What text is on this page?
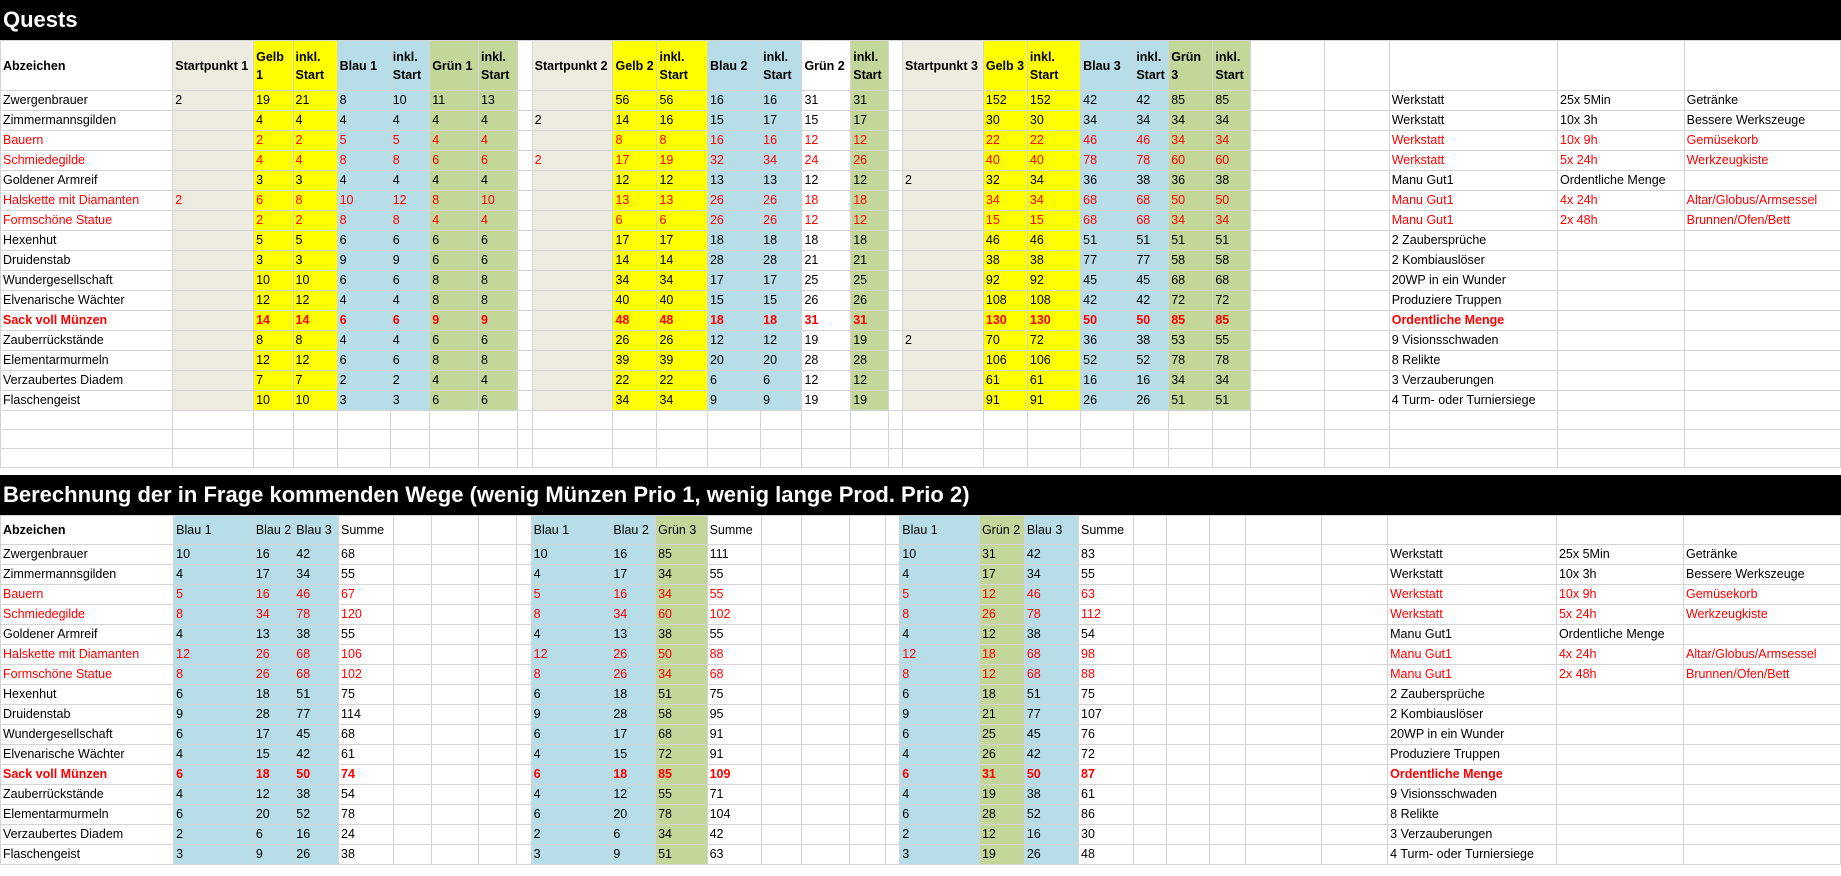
Quests
Abzeichen	Startpunkt 1	Gelb 1	inkl. Start	Blau 1	inkl. Start	Grün 1	inkl. Start		Startpunkt 2	Gelb 2	inkl. Start	Blau 2	inkl. Start	Grün 2	inkl. Start		Startpunkt 3	Gelb 3	inkl. Start	Blau 3	inkl. Start	Grün 3	inkl. Start					
Zwergenbrauer	2	19	21	8	10	11	13			56	56	16	16	31	31			152	152	42	42	85	85			Werkstatt	25x 5Min	Getränke
Zimmermannsgilden		4	4	4	4	4	4		2	14	16	15	17	15	17			30	30	34	34	34	34			Werkstatt	10x 3h	Bessere Werkszeuge
Bauern		2	2	5	5	4	4			8	8	16	16	12	12			22	22	46	46	34	34			Werkstatt	10x 9h	Gemüsekorb
Schmiedegilde		4	4	8	8	6	6		2	17	19	32	34	24	26			40	40	78	78	60	60			Werkstatt	5x 24h	Werkzeugkiste
Goldener Armreif		3	3	4	4	4	4			12	12	13	13	12	12		2	32	34	36	38	36	38			Manu Gut1	Ordentliche Menge	
Halskette mit Diamanten	2	6	8	10	12	8	10			13	13	26	26	18	18			34	34	68	68	50	50			Manu Gut1	4x 24h	Altar/Globus/Armsessel
Formschöne Statue		2	2	8	8	4	4			6	6	26	26	12	12			15	15	68	68	34	34			Manu Gut1	2x 48h	Brunnen/Ofen/Bett
Hexenhut		5	5	6	6	6	6			17	17	18	18	18	18			46	46	51	51	51	51			2 Zaubersprüche		
Druidenstab		3	3	9	9	6	6			14	14	28	28	21	21			38	38	77	77	58	58			2 Kombiauslöser		
Wundergesellschaft		10	10	6	6	8	8			34	34	17	17	25	25			92	92	45	45	68	68			20WP in ein Wunder		
Elvenarische Wächter		12	12	4	4	8	8			40	40	15	15	26	26			108	108	42	42	72	72			Produziere Truppen		
Sack voll Münzen		14	14	6	6	9	9			48	48	18	18	31	31			130	130	50	50	85	85			Ordentliche Menge		
Zauberrückstände		8	8	4	4	6	6			26	26	12	12	19	19		2	70	72	36	38	53	55			9 Visionsschwaden		
Elementarmurmeln		12	12	6	6	8	8			39	39	20	20	28	28			106	106	52	52	78	78			8 Relikte		
Verzaubertes Diadem		7	7	2	2	4	4			22	22	6	6	12	12			61	61	16	16	34	34			3 Verzauberungen		
Flaschengeist		10	10	3	3	6	6			34	34	9	9	19	19			91	91	26	26	51	51			4 Turm- oder Turniersiege		

Berechnung der in Frage kommenden Wege (wenig Münzen Prio 1, wenig lange Prod. Prio 2)
Abzeichen	Blau 1	Blau 2	Blau 3	Summe					Blau 1	Blau 2	Grün 3	Summe					Blau 1	Grün 2	Blau 3	Summe								
Zwergenbrauer	10	16	42	68					10	16	85	111					10	31	42	83						Werkstatt	25x 5Min	Getränke
Zimmermannsgilden	4	17	34	55					4	17	34	55					4	17	34	55						Werkstatt	10x 3h	Bessere Werkszeuge
Bauern	5	16	46	67					5	16	34	55					5	12	46	63						Werkstatt	10x 9h	Gemüsekorb
Schmiedegilde	8	34	78	120					8	34	60	102					8	26	78	112						Werkstatt	5x 24h	Werkzeugkiste
Goldener Armreif	4	13	38	55					4	13	38	55					4	12	38	54						Manu Gut1	Ordentliche Menge	
Halskette mit Diamanten	12	26	68	106					12	26	50	88					12	18	68	98						Manu Gut1	4x 24h	Altar/Globus/Armsessel
Formschöne Statue	8	26	68	102					8	26	34	68					8	12	68	88						Manu Gut1	2x 48h	Brunnen/Ofen/Bett
Hexenhut	6	18	51	75					6	18	51	75					6	18	51	75						2 Zaubersprüche		
Druidenstab	9	28	77	114					9	28	58	95					9	21	77	107						2 Kombiauslöser		
Wundergesellschaft	6	17	45	68					6	17	68	91					6	25	45	76						20WP in ein Wunder		
Elvenarische Wächter	4	15	42	61					4	15	72	91					4	26	42	72						Produziere Truppen		
Sack voll Münzen	6	18	50	74					6	18	85	109					6	31	50	87						Ordentliche Menge		
Zauberrückstände	4	12	38	54					4	12	55	71					4	19	38	61						9 Visionsschwaden		
Elementarmurmeln	6	20	52	78					6	20	78	104					6	28	52	86						8 Relikte		
Verzaubertes Diadem	2	6	16	24					2	6	34	42					2	12	16	30						3 Verzauberungen		
Flaschengeist	3	9	26	38					3	9	51	63					3	19	26	48						4 Turm- oder Turniersiege		
